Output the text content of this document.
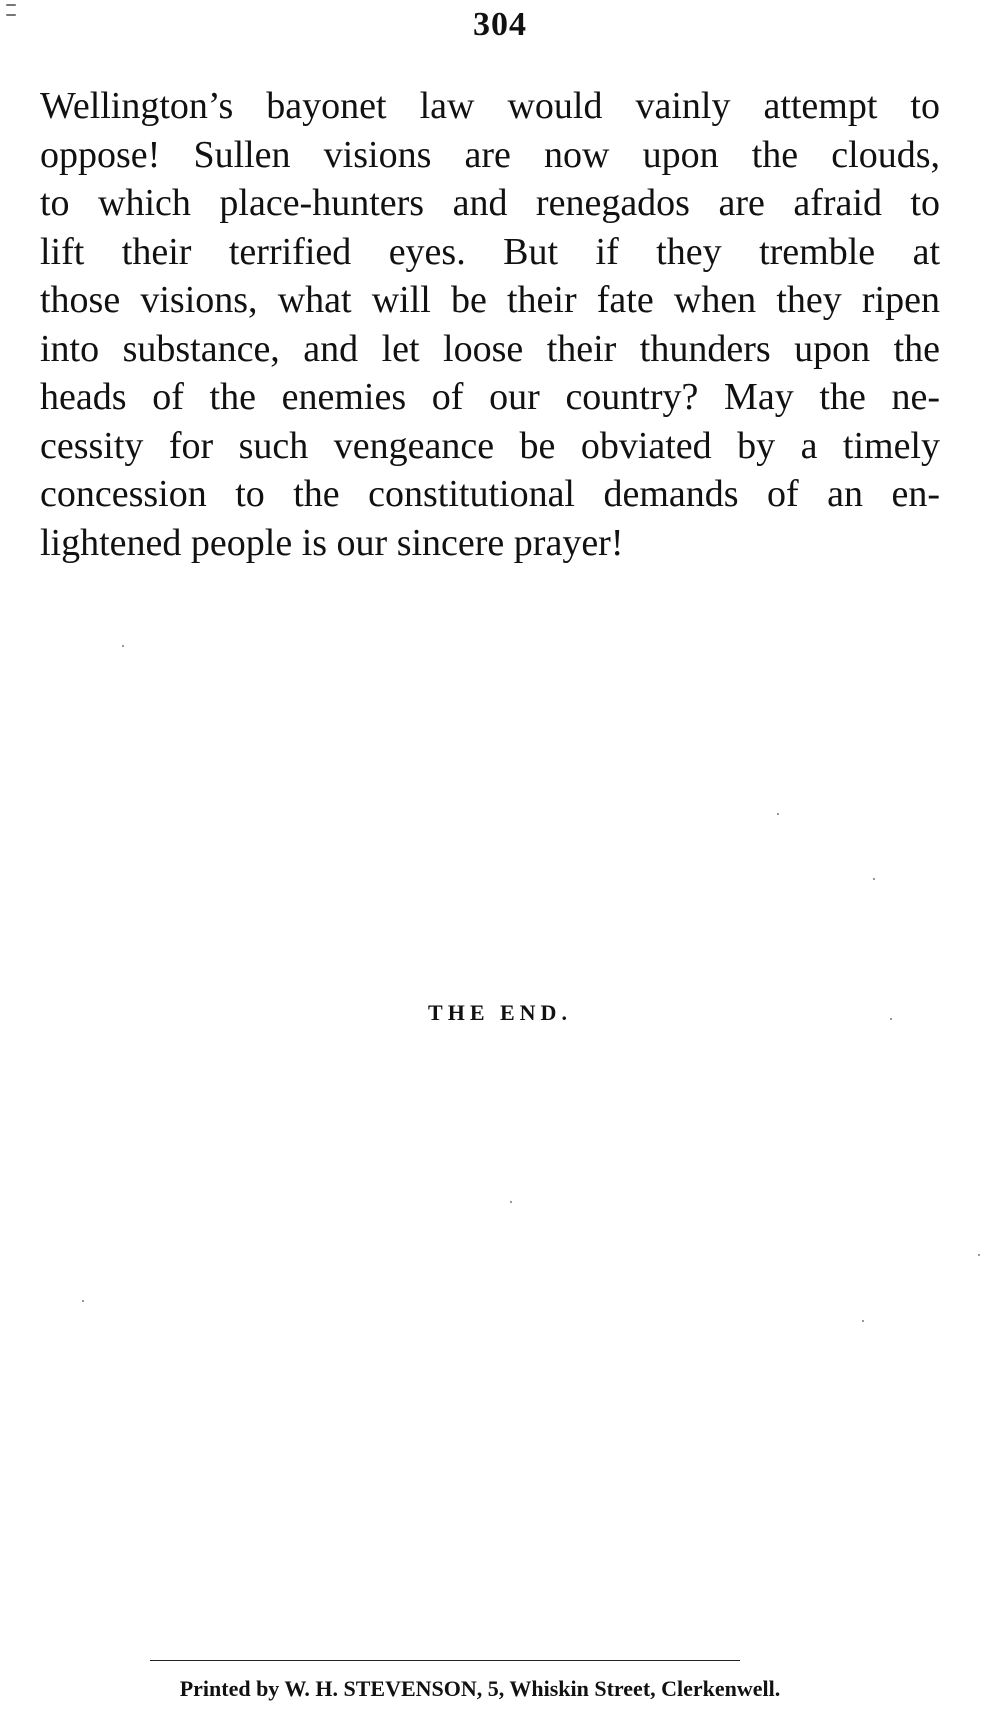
304
Wellington’s bayonet law would vainly attempt to
oppose! Sullen visions are now upon the clouds,
to which place-hunters and renegados are afraid to
lift their terrified eyes. But if they tremble at
those visions, what will be their fate when they ripen
into substance, and let loose their thunders upon the
heads of the enemies of our country? May the ne-
cessity for such vengeance be obviated by a timely
concession to the constitutional demands of an en-
lightened people is our sincere prayer!
THE END.
Printed by W. H. STEVENSON, 5, Whiskin Street, Clerkenwell.
